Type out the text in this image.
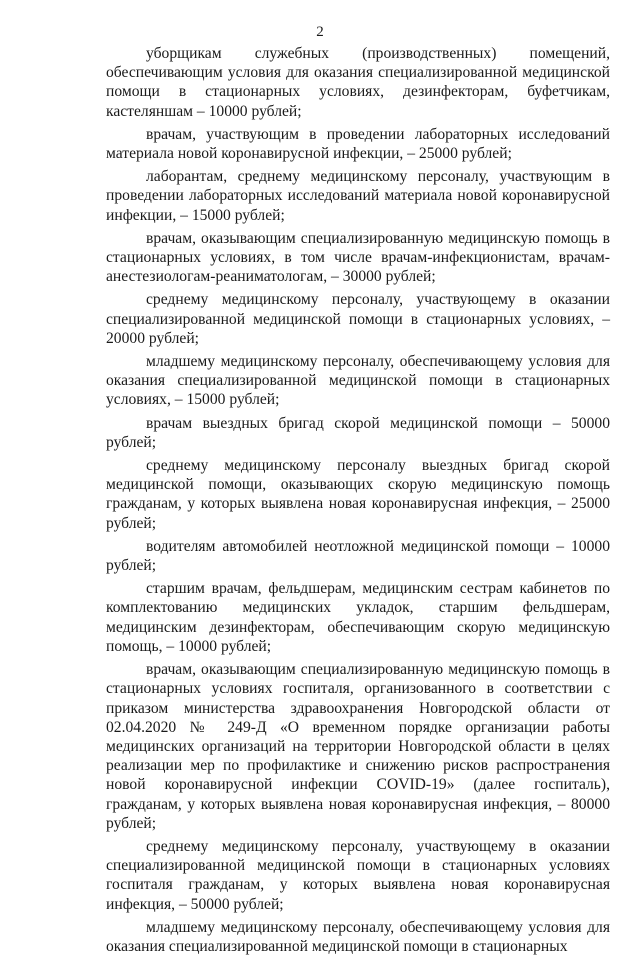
2

уборщикам служебных (производственных) помещений, обеспечивающим условия для оказания специализированной медицинской помощи в стационарных условиях, дезинфекторам, буфетчикам, кастеляншам – 10000 рублей;

врачам, участвующим в проведении лабораторных исследований материала новой коронавирусной инфекции, – 25000 рублей;

лаборантам, среднему медицинскому персоналу, участвующим в проведении лабораторных исследований материала новой коронавирусной инфекции, – 15000 рублей;

врачам, оказывающим специализированную медицинскую помощь в стационарных условиях, в том числе врачам-инфекционистам, врачам-анестезиологам-реаниматологам, – 30000 рублей;

среднему медицинскому персоналу, участвующему в оказании специализированной медицинской помощи в стационарных условиях, – 20000 рублей;

младшему медицинскому персоналу, обеспечивающему условия для оказания специализированной медицинской помощи в стационарных условиях, – 15000 рублей;

врачам выездных бригад скорой медицинской помощи – 50000 рублей;

среднему медицинскому персоналу выездных бригад скорой медицинской помощи, оказывающих скорую медицинскую помощь гражданам, у которых выявлена новая коронавирусная инфекция, – 25000 рублей;

водителям автомобилей неотложной медицинской помощи – 10000 рублей;

старшим врачам, фельдшерам, медицинским сестрам кабинетов по комплектованию медицинских укладок, старшим фельдшерам, медицинским дезинфекторам, обеспечивающим скорую медицинскую помощь, – 10000 рублей;

врачам, оказывающим специализированную медицинскую помощь в стационарных условиях госпиталя, организованного в соответствии с приказом министерства здравоохранения Новгородской области от 02.04.2020 № 249-Д «О временном порядке организации работы медицинских организаций на территории Новгородской области в целях реализации мер по профилактике и снижению рисков распространения новой коронавирусной инфекции COVID-19» (далее госпиталь), гражданам, у которых выявлена новая коронавирусная инфекция, – 80000 рублей;

среднему медицинскому персоналу, участвующему в оказании специализированной медицинской помощи в стационарных условиях госпиталя гражданам, у которых выявлена новая коронавирусная инфекция, – 50000 рублей;

младшему медицинскому персоналу, обеспечивающему условия для оказания специализированной медицинской помощи в стационарных
